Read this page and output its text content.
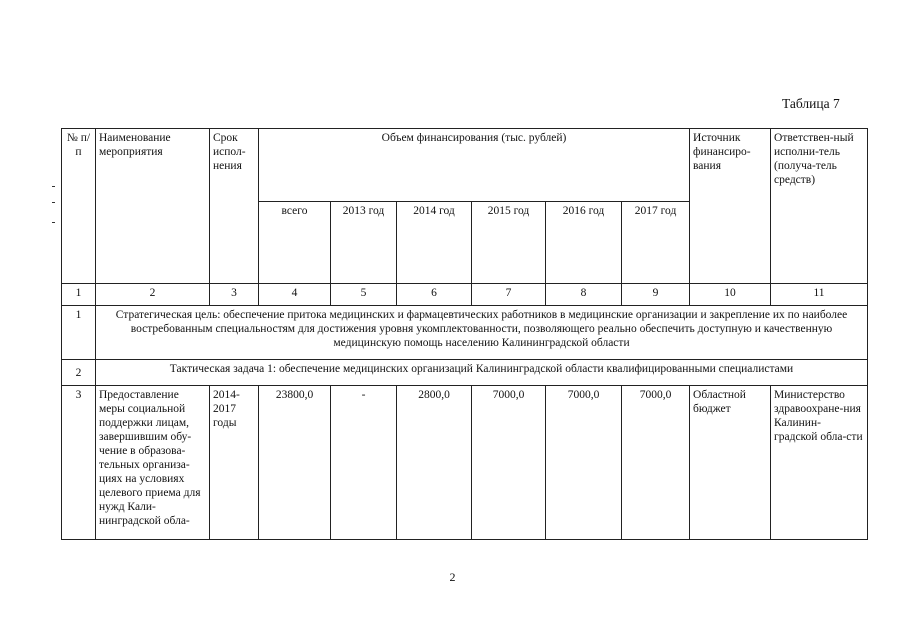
Таблица 7
№ п/п	Наименование мероприятия	Срок испол-нения	Объем финансирования (тыс. рублей)						Источник финансиро-вания	Ответствен-ный исполни-тель (получа-тель средств)
			всего	2013 год	2014 год	2015 год	2016 год	2017 год		
1	2	3	4	5	6	7	8	9	10	11
1	Стратегическая цель: обеспечение притока медицинских и фармацевтических работников в медицинские организации и закрепление их по наиболее востребованным специальностям для достижения уровня укомплектованности, позволяющего реально обеспечить доступную и качественную медицинскую помощь населению Калининградской области									
2	Тактическая задача 1: обеспечение медицинских организаций Калининградской области квалифицированными специалистами									
3	Предоставление меры социальной поддержки лицам, завершившим обу-чение в образова-тельных организа-циях на условиях целевого приема для нужд Кали-нинградской обла-	2014-2017 годы	23800,0	-	2800,0	7000,0	7000,0	7000,0	Областной бюджет	Министерство здравоохране-ния Калинин-градской обла-сти
2
